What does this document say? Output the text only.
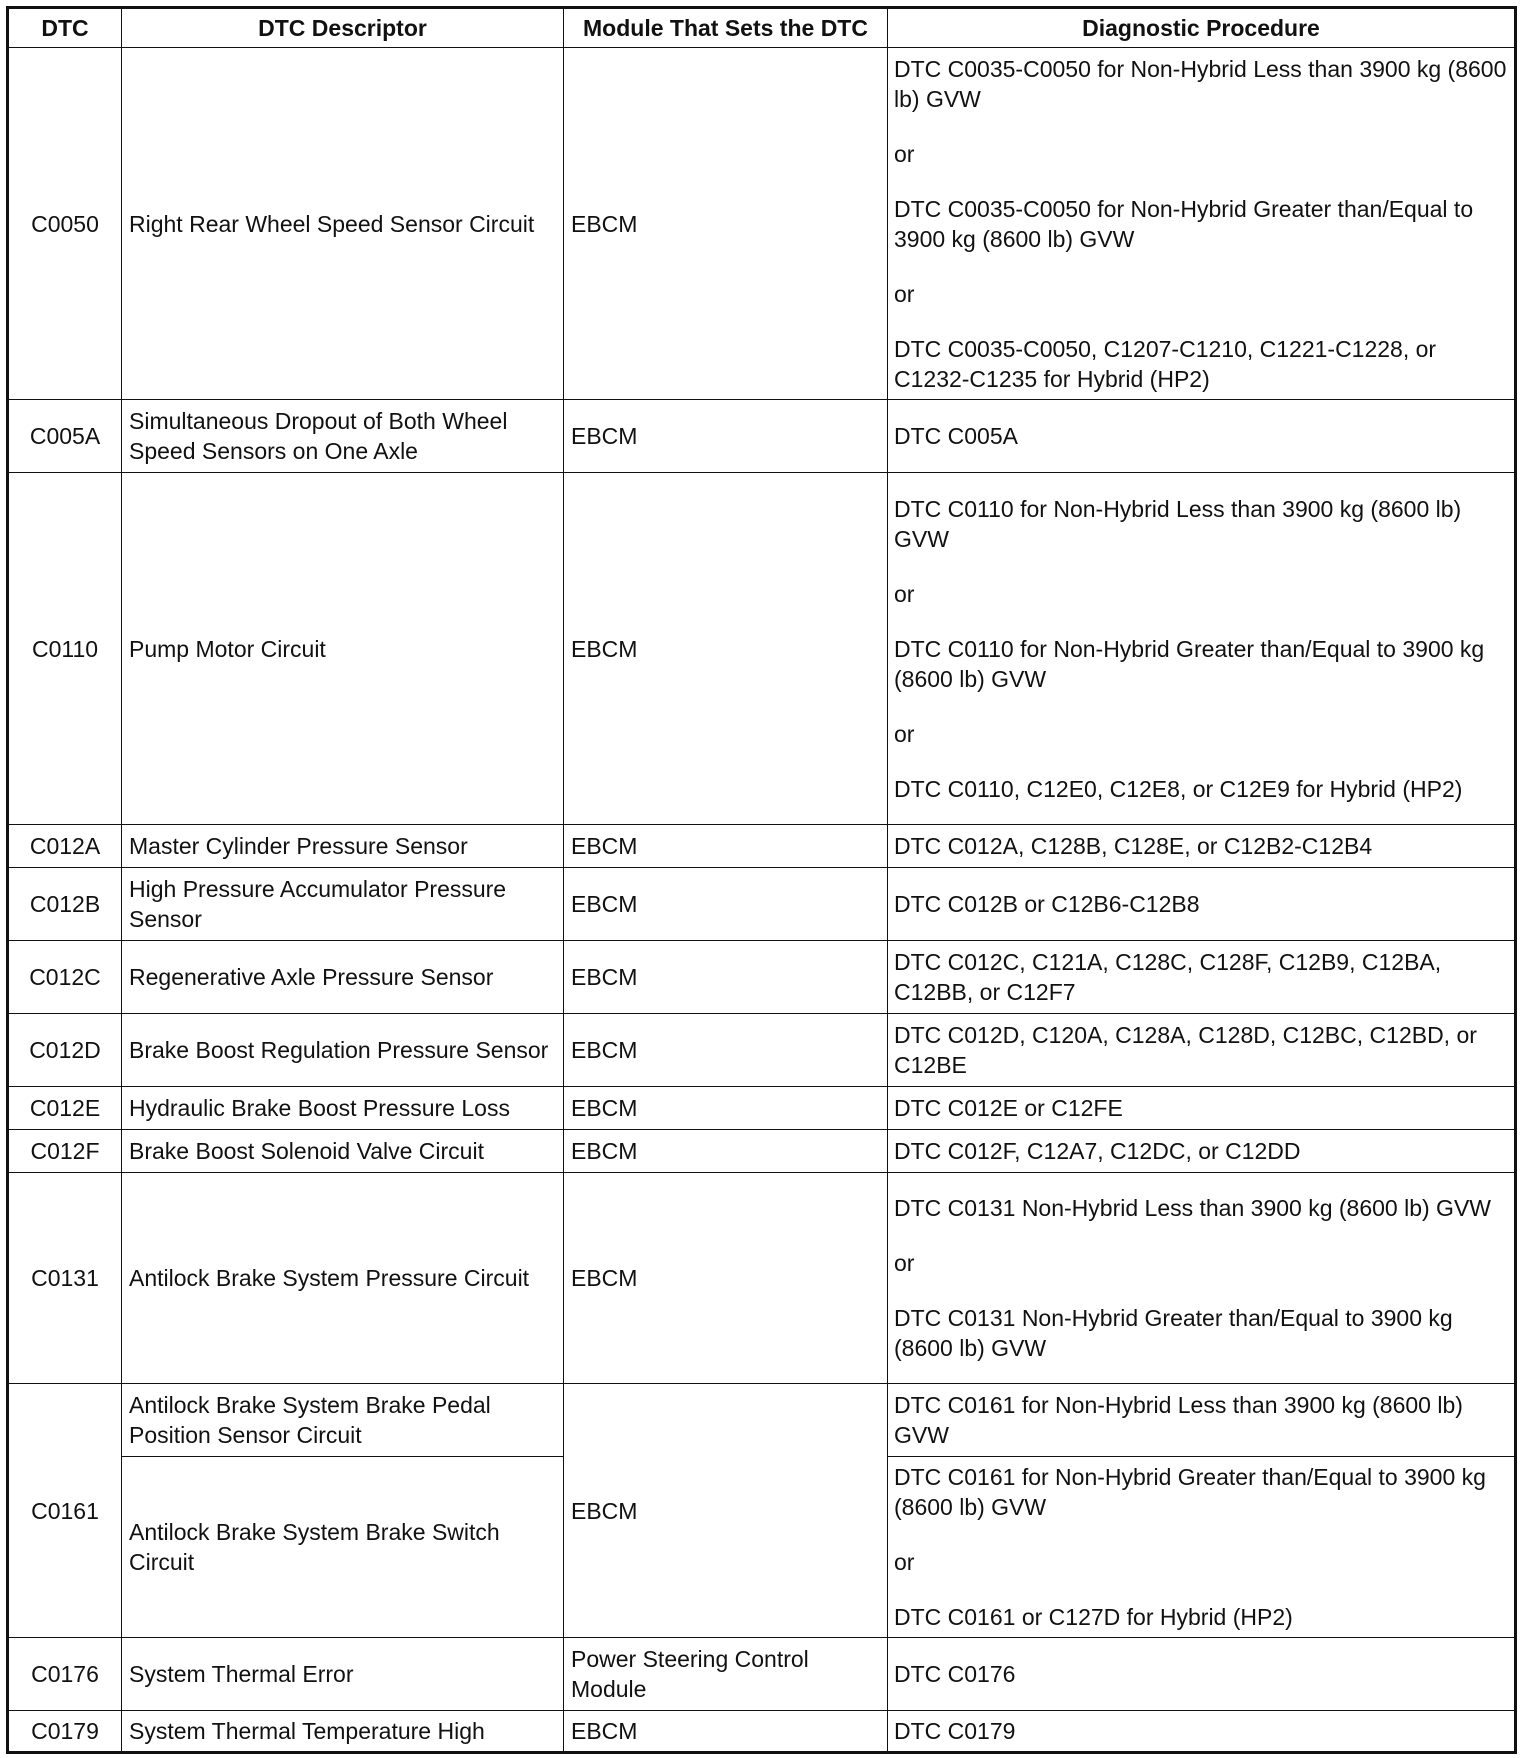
DTC	DTC Descriptor	Module That Sets the DTC	Diagnostic Procedure
C0050	Right Rear Wheel Speed Sensor Circuit	EBCM	DTC C0035-C0050 for Non-Hybrid Less than 3900 kg (8600 lb) GVW

or

DTC C0035-C0050 for Non-Hybrid Greater than/Equal to 3900 kg (8600 lb) GVW

or

DTC C0035-C0050, C1207-C1210, C1221-C1228, or C1232-C1235 for Hybrid (HP2)

C005A	Simultaneous Dropout of Both Wheel Speed Sensors on One Axle	EBCM	DTC C005A

C0110	Pump Motor Circuit	EBCM	DTC C0110 for Non-Hybrid Less than 3900 kg (8600 lb) GVW

or

DTC C0110 for Non-Hybrid Greater than/Equal to 3900 kg (8600 lb) GVW

or

DTC C0110, C12E0, C12E8, or C12E9 for Hybrid (HP2)

C012A	Master Cylinder Pressure Sensor	EBCM	DTC C012A, C128B, C128E, or C12B2-C12B4

C012B	High Pressure Accumulator Pressure Sensor	EBCM	DTC C012B or C12B6-C12B8

C012C	Regenerative Axle Pressure Sensor	EBCM	DTC C012C, C121A, C128C, C128F, C12B9, C12BA, C12BB, or C12F7

C012D	Brake Boost Regulation Pressure Sensor	EBCM	DTC C012D, C120A, C128A, C128D, C12BC, C12BD, or C12BE

C012E	Hydraulic Brake Boost Pressure Loss	EBCM	DTC C012E or C12FE

C012F	Brake Boost Solenoid Valve Circuit	EBCM	DTC C012F, C12A7, C12DC, or C12DD

C0131	Antilock Brake System Pressure Circuit	EBCM	DTC C0131 Non-Hybrid Less than 3900 kg (8600 lb) GVW

or

DTC C0131 Non-Hybrid Greater than/Equal to 3900 kg (8600 lb) GVW

C0161	Antilock Brake System Brake Pedal Position Sensor Circuit	EBCM	DTC C0161 for Non-Hybrid Less than 3900 kg (8600 lb) GVW

	Antilock Brake System Brake Switch Circuit		DTC C0161 for Non-Hybrid Greater than/Equal to 3900 kg (8600 lb) GVW

or

DTC C0161 or C127D for Hybrid (HP2)

C0176	System Thermal Error	Power Steering Control Module	DTC C0176

C0179	System Thermal Temperature High	EBCM	DTC C0179
